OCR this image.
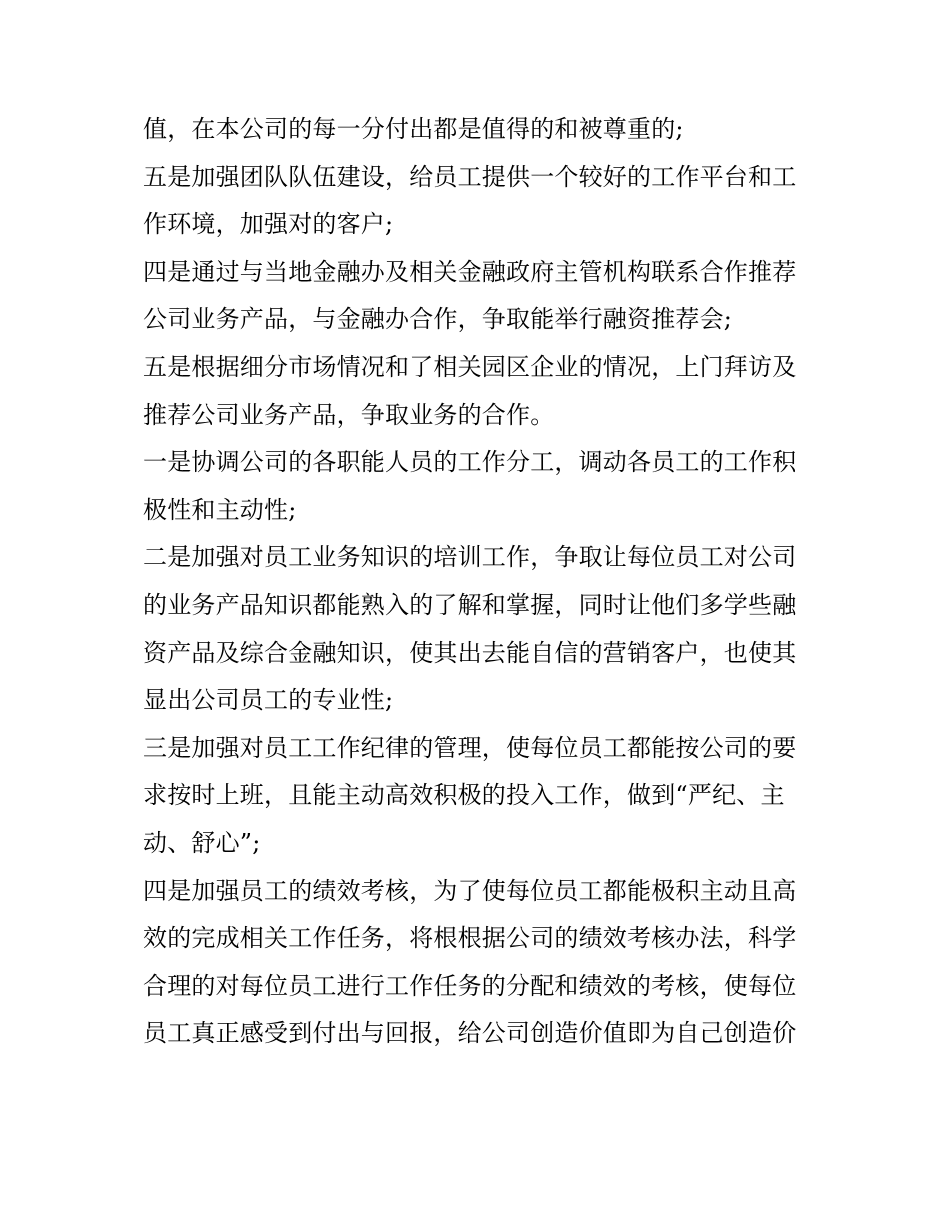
值，在本公司的每一分付出都是值得的和被尊重的;
五是加强团队队伍建设，给员工提供一个较好的工作平台和工
作环境，加强对的客户;
四是通过与当地金融办及相关金融政府主管机构联系合作推荐
公司业务产品，与金融办合作，争取能举行融资推荐会;
五是根据细分市场情况和了相关园区企业的情况，上门拜访及
推荐公司业务产品，争取业务的合作。
一是协调公司的各职能人员的工作分工，调动各员工的工作积
极性和主动性;
二是加强对员工业务知识的培训工作，争取让每位员工对公司
的业务产品知识都能熟入的了解和掌握，同时让他们多学些融
资产品及综合金融知识，使其出去能自信的营销客户，也使其
显出公司员工的专业性;
三是加强对员工工作纪律的管理，使每位员工都能按公司的要
求按时上班，且能主动高效积极的投入工作，做到“严纪、主
动、舒心”;
四是加强员工的绩效考核，为了使每位员工都能极积主动且高
效的完成相关工作任务，将根根据公司的绩效考核办法，科学
合理的对每位员工进行工作任务的分配和绩效的考核，使每位
员工真正感受到付出与回报，给公司创造价值即为自己创造价
